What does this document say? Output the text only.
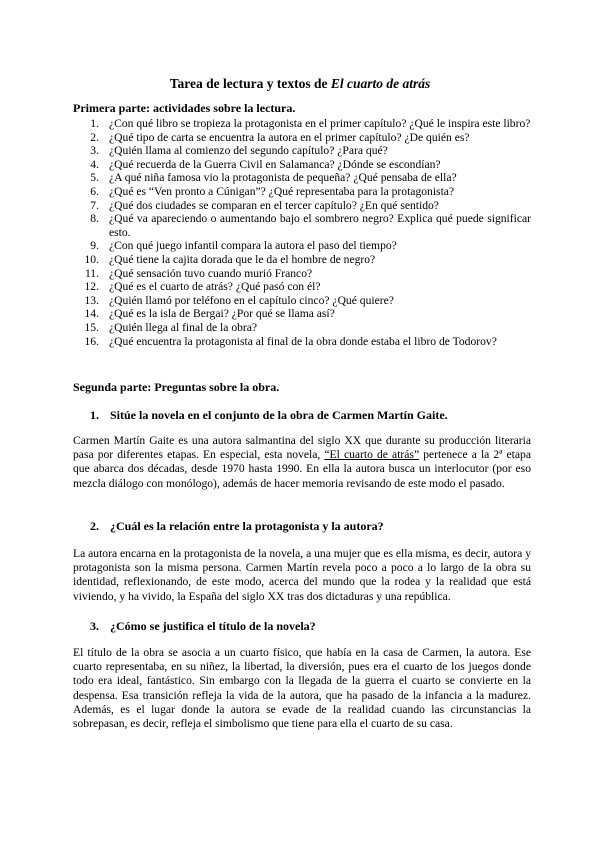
Tarea de lectura y textos de El cuarto de atrás
Primera parte: actividades sobre la lectura.
1. ¿Con qué libro se tropieza la protagonista en el primer capítulo? ¿Qué le inspira este libro?
2. ¿Qué tipo de carta se encuentra la autora en el primer capítulo? ¿De quién es?
3. ¿Quién llama al comienzo del segundo capítulo? ¿Para qué?
4. ¿Qué recuerda de la Guerra Civil en Salamanca? ¿Dónde se escondían?
5. ¿A qué niña famosa vio la protagonista de pequeña? ¿Qué pensaba de ella?
6. ¿Qué es “Ven pronto a Cúnigan”? ¿Qué representaba para la protagonista?
7. ¿Qué dos ciudades se comparan en el tercer capítulo? ¿En qué sentido?
8. ¿Qué va apareciendo o aumentando bajo el sombrero negro? Explica qué puede significar esto.
9. ¿Con qué juego infantil compara la autora el paso del tiempo?
10. ¿Qué tiene la cajita dorada que le da el hombre de negro?
11. ¿Qué sensación tuvo cuando murió Franco?
12. ¿Qué es el cuarto de atrás? ¿Qué pasó con él?
13. ¿Quién llamó por teléfono en el capítulo cinco? ¿Qué quiere?
14. ¿Qué es la isla de Bergai? ¿Por qué se llama así?
15. ¿Quién llega al final de la obra?
16. ¿Qué encuentra la protagonista al final de la obra donde estaba el libro de Todorov?
Segunda parte: Preguntas sobre la obra.
1. Sitúe la novela en el conjunto de la obra de Carmen Martín Gaite.

Carmen Martín Gaite es una autora salmantina del siglo XX que durante su producción literaria pasa por diferentes etapas. En especial, esta novela, “El cuarto de atrás” pertenece a la 2ª etapa que abarca dos décadas, desde 1970 hasta 1990. En ella la autora busca un interlocutor (por eso mezcla diálogo con monólogo), además de hacer memoria revisando de este modo el pasado.

2. ¿Cuál es la relación entre la protagonista y la autora?

La autora encarna en la protagonista de la novela, a una mujer que es ella misma, es decir, autora y protagonista son la misma persona. Carmen Martín revela poco a poco a lo largo de la obra su identidad, reflexionando, de este modo, acerca del mundo que la rodea y la realidad que está viviendo, y ha vivido, la España del siglo XX tras dos dictaduras y una república.

3. ¿Cómo se justifica el título de la novela?

El título de la obra se asocia a un cuarto físico, que había en la casa de Carmen, la autora. Ese cuarto representaba, en su niñez, la libertad, la diversión, pues era el cuarto de los juegos donde todo era ideal, fantástico. Sin embargo con la llegada de la guerra el cuarto se convierte en la despensa. Esa transición refleja la vida de la autora, que ha pasado de la infancia a la madurez. Además, es el lugar donde la autora se evade de la realidad cuando las circunstancias la sobrepasan, es decir, refleja el simbolismo que tiene para ella el cuarto de su casa.
